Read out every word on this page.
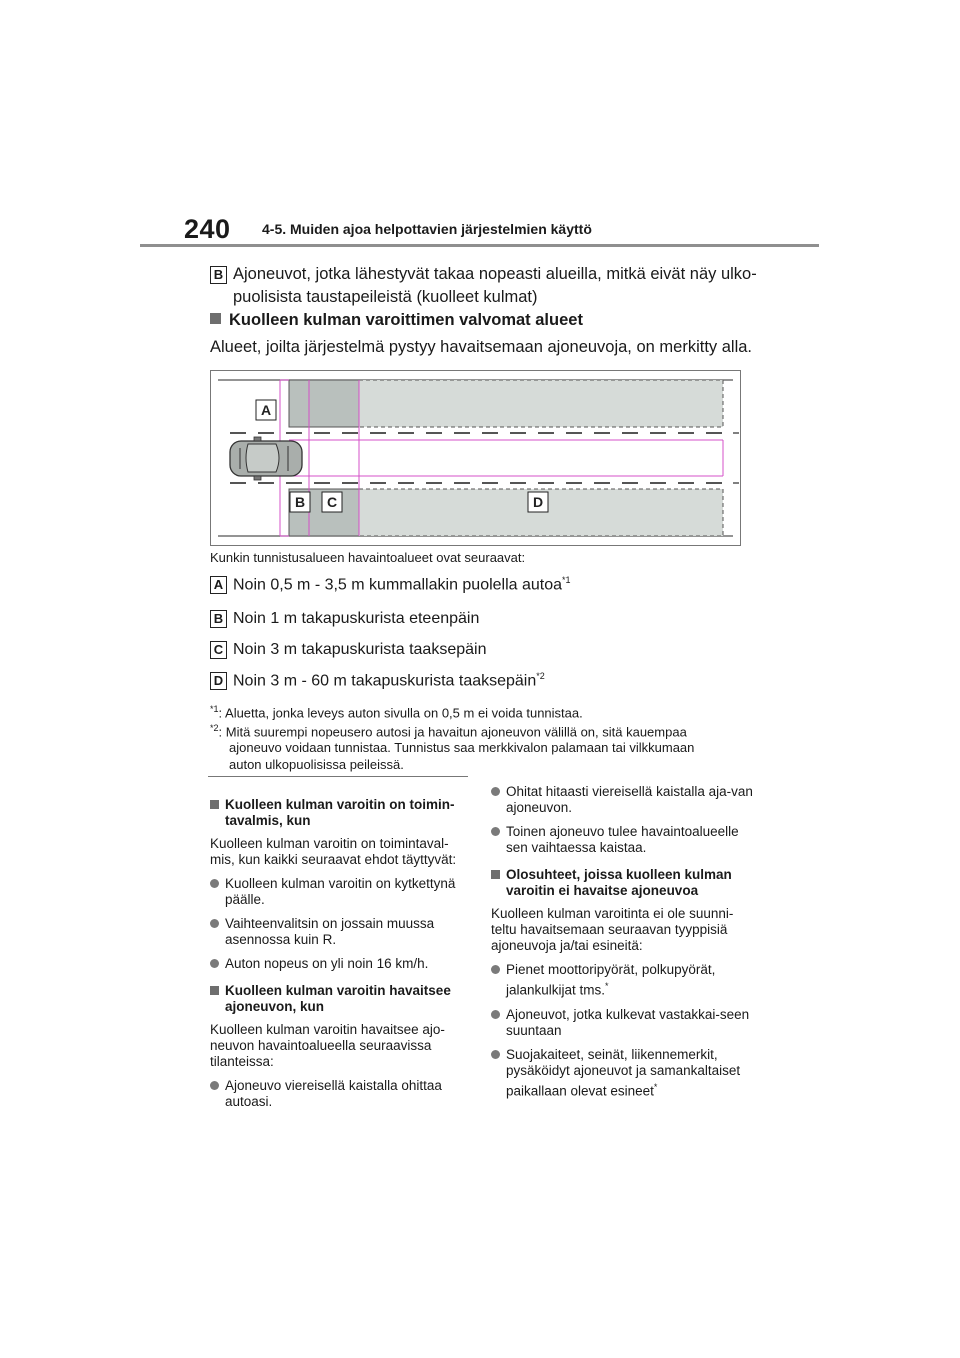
240 4-5. Muiden ajoa helpottavien järjestelmien käyttö
B Ajoneuvot, jotka lähestyvät takaa nopeasti alueilla, mitkä eivät näy ulko-
puolisista taustapeileistä (kuolleet kulmat)
Kuolleen kulman varoittimen valvomat alueet
Alueet, joilta järjestelmä pystyy havaitsemaan ajoneuvoja, on merkitty alla.
A
B C	D
Kunkin tunnistusalueen havaintoalueet ovat seuraavat:
A Noin 0,5 m - 3,5 m kummallakin puolella autoa$^{*1}$
B Noin 1 m takapuskurista eteenpäin
C Noin 3 m takapuskurista taaksepäin
D Noin 3 m - 60 m takapuskurista taaksepäin$^{*2}$
$^{*1}$: Aluetta, jonka leveys auton sivulla on 0,5 m ei voida tunnistaa.
$^{*2}$: Mitä suurempi nopeusero autosi ja havaitun ajoneuvon välillä on, sitä kauempaa
ajoneuvo voidaan tunnistaa. Tunnistus saa merkkivalon palamaan tai vilkkumaan
auton ulkopuolisissa peileissä.
Kuolleen kulman varoitin on toimin-tavalmis, kun
Kuolleen kulman varoitin on toimintaval-mis, kun kaikki seuraavat ehdot täyttyvät:
Kuolleen kulman varoitin on kytkettynä päälle.
Vaihteenvalitsin on jossain muussa asennossa kuin R.
Auton nopeus on yli noin 16 km/h.
Kuolleen kulman varoitin havaitsee ajoneuvon, kun
Kuolleen kulman varoitin havaitsee ajo-neuvon havaintoalueella seuraavissa tilanteissa:
Ajoneuvo viereisellä kaistalla ohittaa autoasi.
Ohitat hitaasti viereisellä kaistalla aja-van ajoneuvon.
Toinen ajoneuvo tulee havaintoalueelle sen vaihtaessa kaistaa.
Olosuhteet, joissa kuolleen kulman varoitin ei havaitse ajoneuvoa
Kuolleen kulman varoitinta ei ole suunni-teltu havaitsemaan seuraavan tyyppisiä ajoneuvoja ja/tai esineitä:
Pienet moottoripyörät, polkupyörät, jalankulkijat tms.*
Ajoneuvot, jotka kulkevat vastakkai-seen suuntaan
Suojakaiteet, seinät, liikennemerkit, pysäköidyt ajoneuvot ja samankaltaiset paikallaan olevat esineet*
